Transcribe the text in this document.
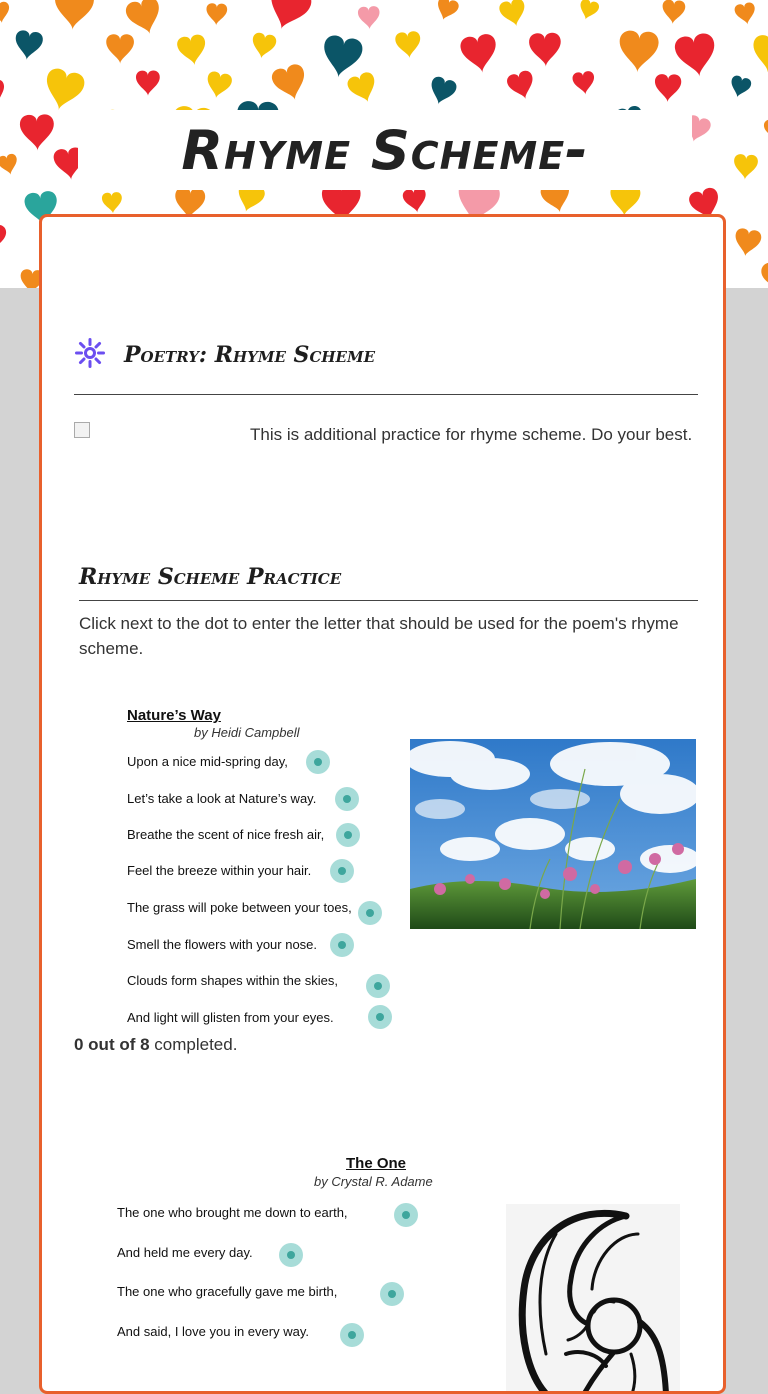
Rhyme Scheme-
Poetry: Rhyme Scheme
This is additional practice for rhyme scheme. Do your best.
Rhyme Scheme Practice
Click next to the dot to enter the letter that should be used for the poem's rhyme scheme.
Nature’s Way
by Heidi Campbell
Upon a nice mid-spring day,
Let’s take a look at Nature’s way.
Breathe the scent of nice fresh air,
Feel the breeze within your hair.
The grass will poke between your toes,
Smell the flowers with your nose.
Clouds form shapes within the skies,
And light will glisten from your eyes.
0 out of 8 completed.
The One
by Crystal R. Adame
The one who brought me down to earth,
And held me every day.
The one who gracefully gave me birth,
And said, I love you in every way.
